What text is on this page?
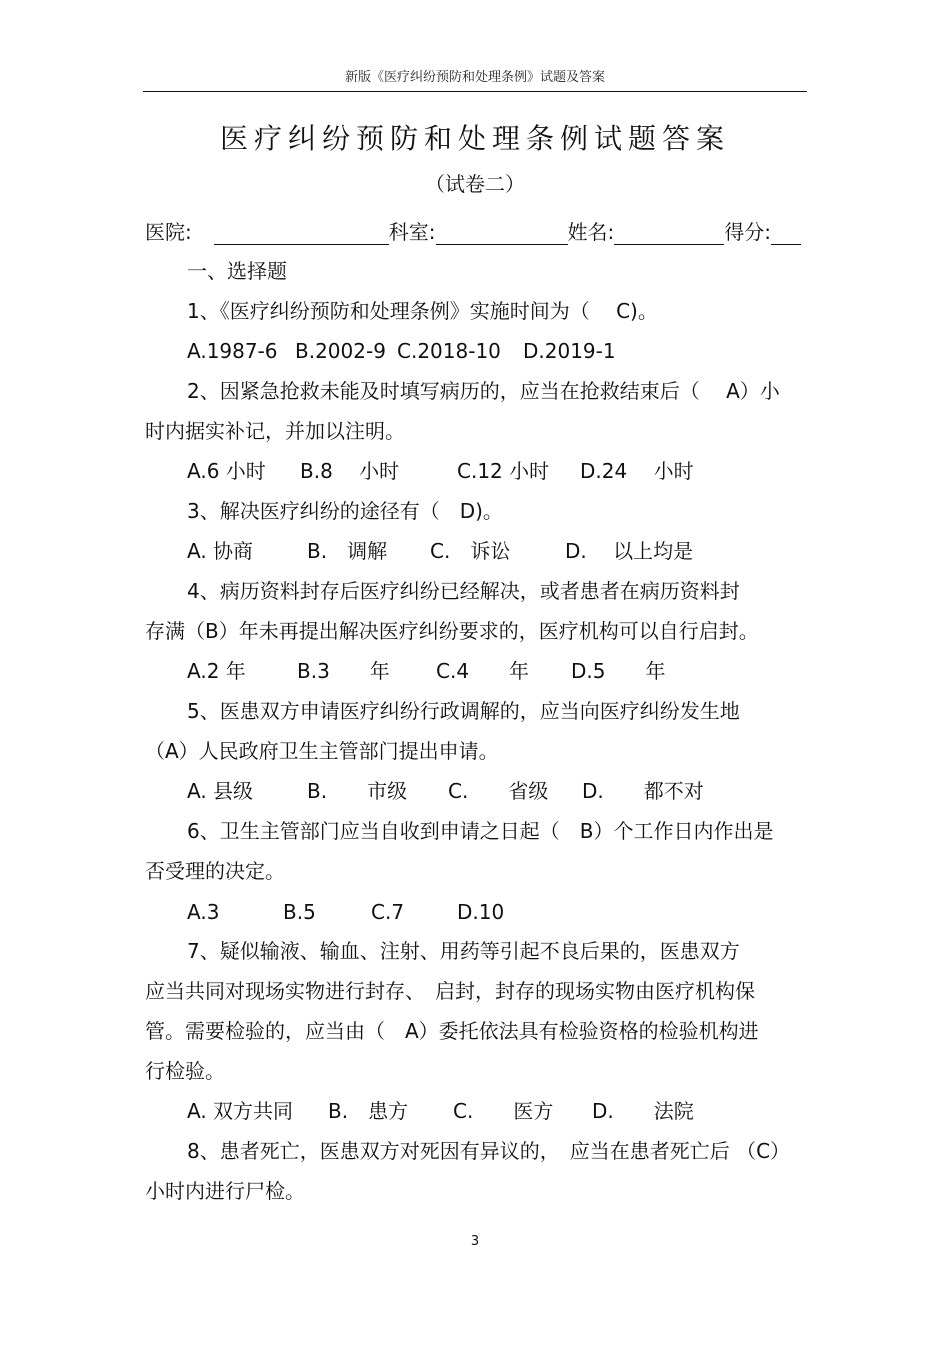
新版《医疗纠纷预防和处理条例》试题及答案
医疗纠纷预防和处理条例试题答案
（试卷二）
医院:	科室:	姓名:	得分:
一、选择题
1、《医疗纠纷预防和处理条例》实施时间为（　 C)。
A.1987-6 B.2002-9 C.2018-10 D.2019-1
2、因紧急抢救未能及时填写病历的，应当在抢救结束后（　 A）小
时内据实补记，并加以注明。
A.6 小时 B.8　 小时	C.12 小时 D.24　 小时
3、解决医疗纠纷的途径有（　D)。
A. 协商	B.　调解 C.　诉讼	D.　 以上均是
4、病历资料封存后医疗纠纷已经解决，或者患者在病历资料封
存满（B）年未再提出解决医疗纠纷要求的，医疗机构可以自行启封。
A.2 年	B.3　　年 C.4　　年 D.5　　年
5、医患双方申请医疗纠纷行政调解的，应当向医疗纠纷发生地
（A）人民政府卫生主管部门提出申请。
A. 县级	B.　　市级 C.　　省级 D.　　都不对
6、卫生主管部门应当自收到申请之日起（　B）个工作日内作出是
否受理的决定。
A.3	B.5	C.7	D.10
7、疑似输液、输血、注射、用药等引起不良后果的，医患双方
应当共同对现场实物进行封存、　启封，封存的现场实物由医疗机构保
管。需要检验的，应当由（　A）委托依法具有检验资格的检验机构进
行检验。
A. 双方共同 B.　患方 C.　　医方 D.　　法院
8、患者死亡，医患双方对死因有异议的，　应当在患者死亡后 （C）
小时内进行尸检。
3
